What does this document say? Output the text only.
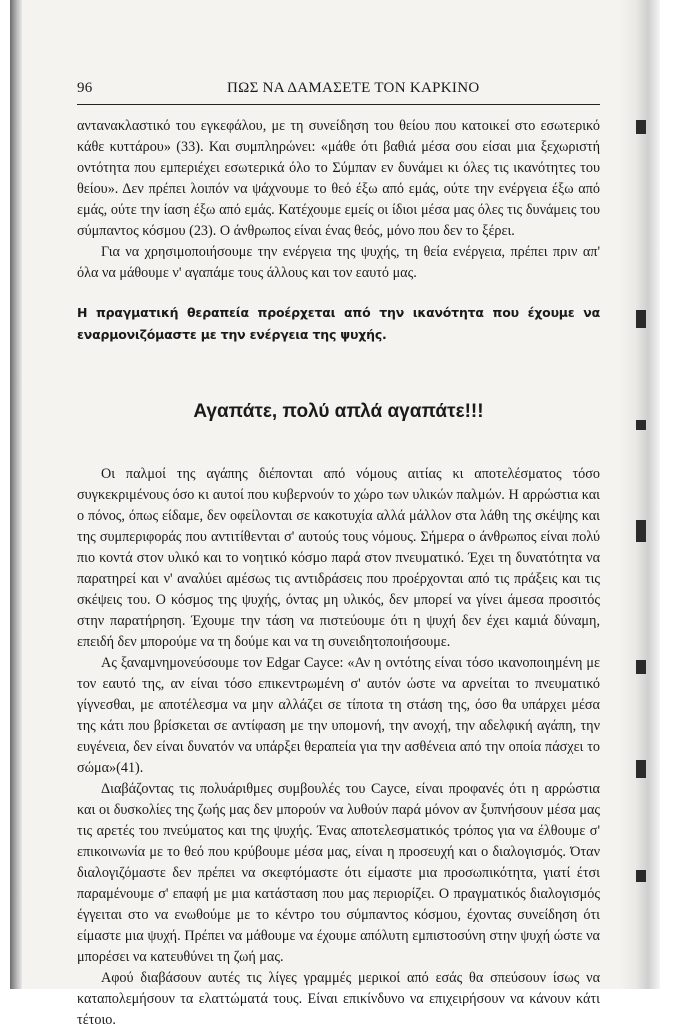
96	ΠΩΣ ΝΑ ΔΑΜΑΣΕΤΕ ΤΟΝ ΚΑΡΚΙΝΟ

αντανακλαστικό του εγκεφάλου, με τη συνείδηση του θείου που κατοικεί στο εσωτερικό κάθε κυττάρου» (33). Και συμπληρώνει: «μάθε ότι βαθιά μέσα σου είσαι μια ξεχωριστή οντότητα που εμπεριέχει εσωτερικά όλο το Σύμπαν εν δυνάμει κι όλες τις ικανότητες του θείου». Δεν πρέπει λοιπόν να ψάχνουμε το θεό έξω από εμάς, ούτε την ενέργεια έξω από εμάς, ούτε την ίαση έξω από εμάς. Κατέχουμε εμείς οι ίδιοι μέσα μας όλες τις δυνάμεις του σύμπαντος κόσμου (23). Ο άνθρωπος είναι ένας θεός, μόνο που δεν το ξέρει.

Για να χρησιμοποιήσουμε την ενέργεια της ψυχής, τη θεία ενέργεια, πρέπει πριν απ' όλα να μάθουμε ν' αγαπάμε τους άλλους και τον εαυτό μας.

Η πραγματική θεραπεία προέρχεται από την ικανότητα που έχουμε να εναρμονιζόμαστε με την ενέργεια της ψυχής.

Αγαπάτε, πολύ απλά αγαπάτε!!!

Οι παλμοί της αγάπης διέπονται από νόμους αιτίας κι αποτελέσματος τόσο συγκεκριμένους όσο κι αυτοί που κυβερνούν το χώρο των υλικών παλμών. Η αρρώστια και ο πόνος, όπως είδαμε, δεν οφείλονται σε κακοτυχία αλλά μάλλον στα λάθη της σκέψης και της συμπεριφοράς που αντιτίθενται σ' αυτούς τους νόμους. Σήμερα ο άνθρωπος είναι πολύ πιο κοντά στον υλικό και το νοητικό κόσμο παρά στον πνευματικό. Έχει τη δυνατότητα να παρατηρεί και ν' αναλύει αμέσως τις αντιδράσεις που προέρχονται από τις πράξεις και τις σκέψεις του. Ο κόσμος της ψυχής, όντας μη υλικός, δεν μπορεί να γίνει άμεσα προσιτός στην παρατήρηση. Έχουμε την τάση να πιστεύουμε ότι η ψυχή δεν έχει καμιά δύναμη, επειδή δεν μπορούμε να τη δούμε και να τη συνειδητοποιήσουμε.

Ας ξαναμνημονεύσουμε τον Edgar Cayce: «Αν η οντότης είναι τόσο ικανοποιημένη με τον εαυτό της, αν είναι τόσο επικεντρωμένη σ' αυτόν ώστε να αρνείται το πνευματικό γίγνεσθαι, με αποτέλεσμα να μην αλλάζει σε τίποτα τη στάση της, όσο θα υπάρχει μέσα της κάτι που βρίσκεται σε αντίφαση με την υπομονή, την ανοχή, την αδελφική αγάπη, την ευγένεια, δεν είναι δυνατόν να υπάρξει θεραπεία για την ασθένεια από την οποία πάσχει το σώμα»(41).

Διαβάζοντας τις πολυάριθμες συμβουλές του Cayce, είναι προφανές ότι η αρρώστια και οι δυσκολίες της ζωής μας δεν μπορούν να λυθούν παρά μόνον αν ξυπνήσουν μέσα μας τις αρετές του πνεύματος και της ψυχής. Ένας αποτελεσματικός τρόπος για να έλθουμε σ' επικοινωνία με το θεό που κρύβουμε μέσα μας, είναι η προσευχή και ο διαλογισμός. Όταν διαλογιζόμαστε δεν πρέπει να σκεφτόμαστε ότι είμαστε μια προσωπικότητα, γιατί έτσι παραμένουμε σ' επαφή με μια κατάσταση που μας περιορίζει. Ο πραγματικός διαλογισμός έγγειται στο να ενωθούμε με το κέντρο του σύμπαντος κόσμου, έχοντας συνείδηση ότι είμαστε μια ψυχή. Πρέπει να μάθουμε να έχουμε απόλυτη εμπιστοσύνη στην ψυχή ώστε να μπορέσει να κατευθύνει τη ζωή μας.

Αφού διαβάσουν αυτές τις λίγες γραμμές μερικοί από εσάς θα σπεύσουν ίσως να καταπολεμήσουν τα ελαττώματά τους. Είναι επικίνδυνο να επιχειρήσουν να κάνουν κάτι τέτοιο.
